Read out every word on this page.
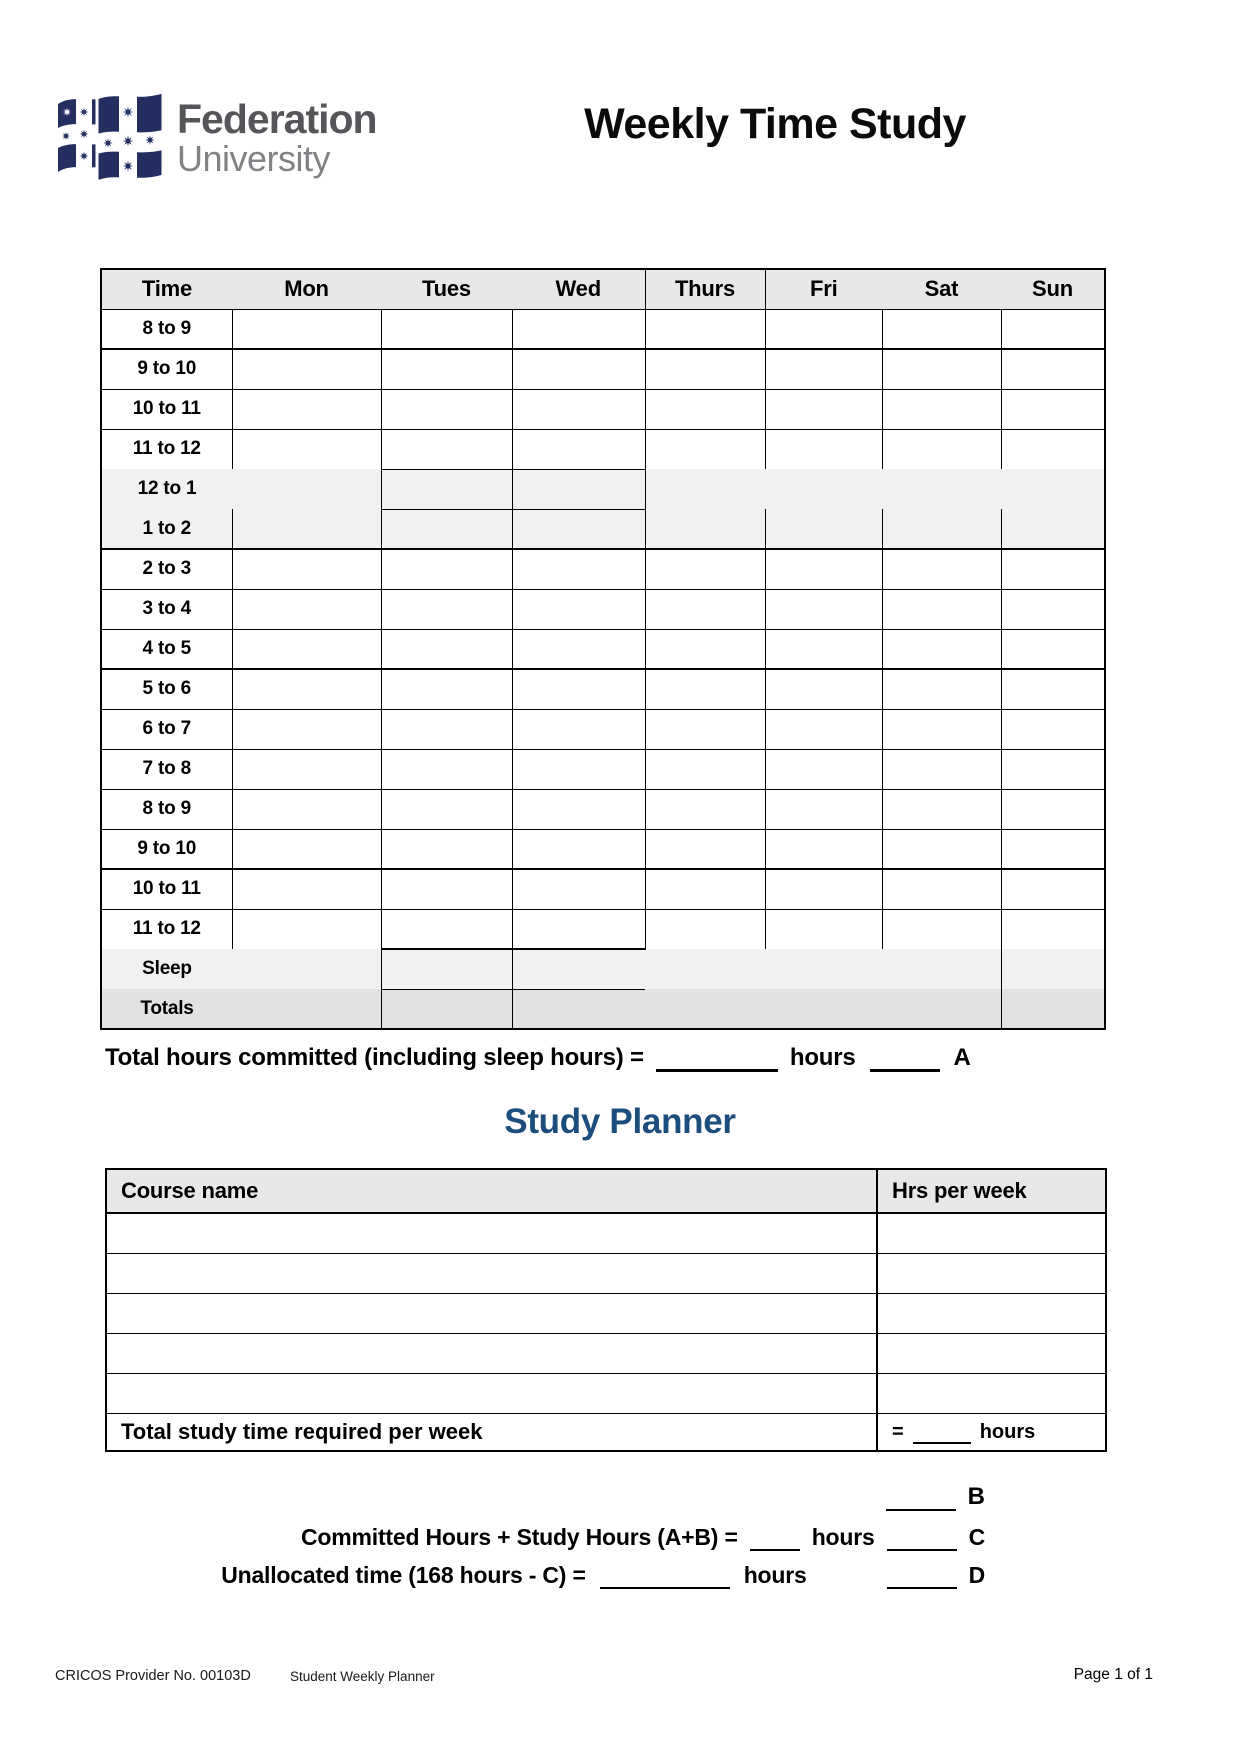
Federation
University
Weekly Time Study
Time	Mon	Tues	Wed	Thurs	Fri	Sat	Sun
8 to 9							
9 to 10							
10 to 11							
11 to 12							
12 to 1							
1 to 2							
2 to 3							
3 to 4							
4 to 5							
5 to 6							
6 to 7							
7 to 8							
8 to 9							
9 to 10							
10 to 11							
11 to 12							
Sleep							
Totals							
Total hours committed (including sleep hours) =	hours	A
Study Planner
Course name	Hrs per week

Total study time required per week	= hours
B
Committed Hours + Study Hours (A+B) =	hours	C
Unallocated time (168 hours - C) =	hours	D
CRICOS Provider No. 00103D	Student Weekly Planner	Page 1 of 1
